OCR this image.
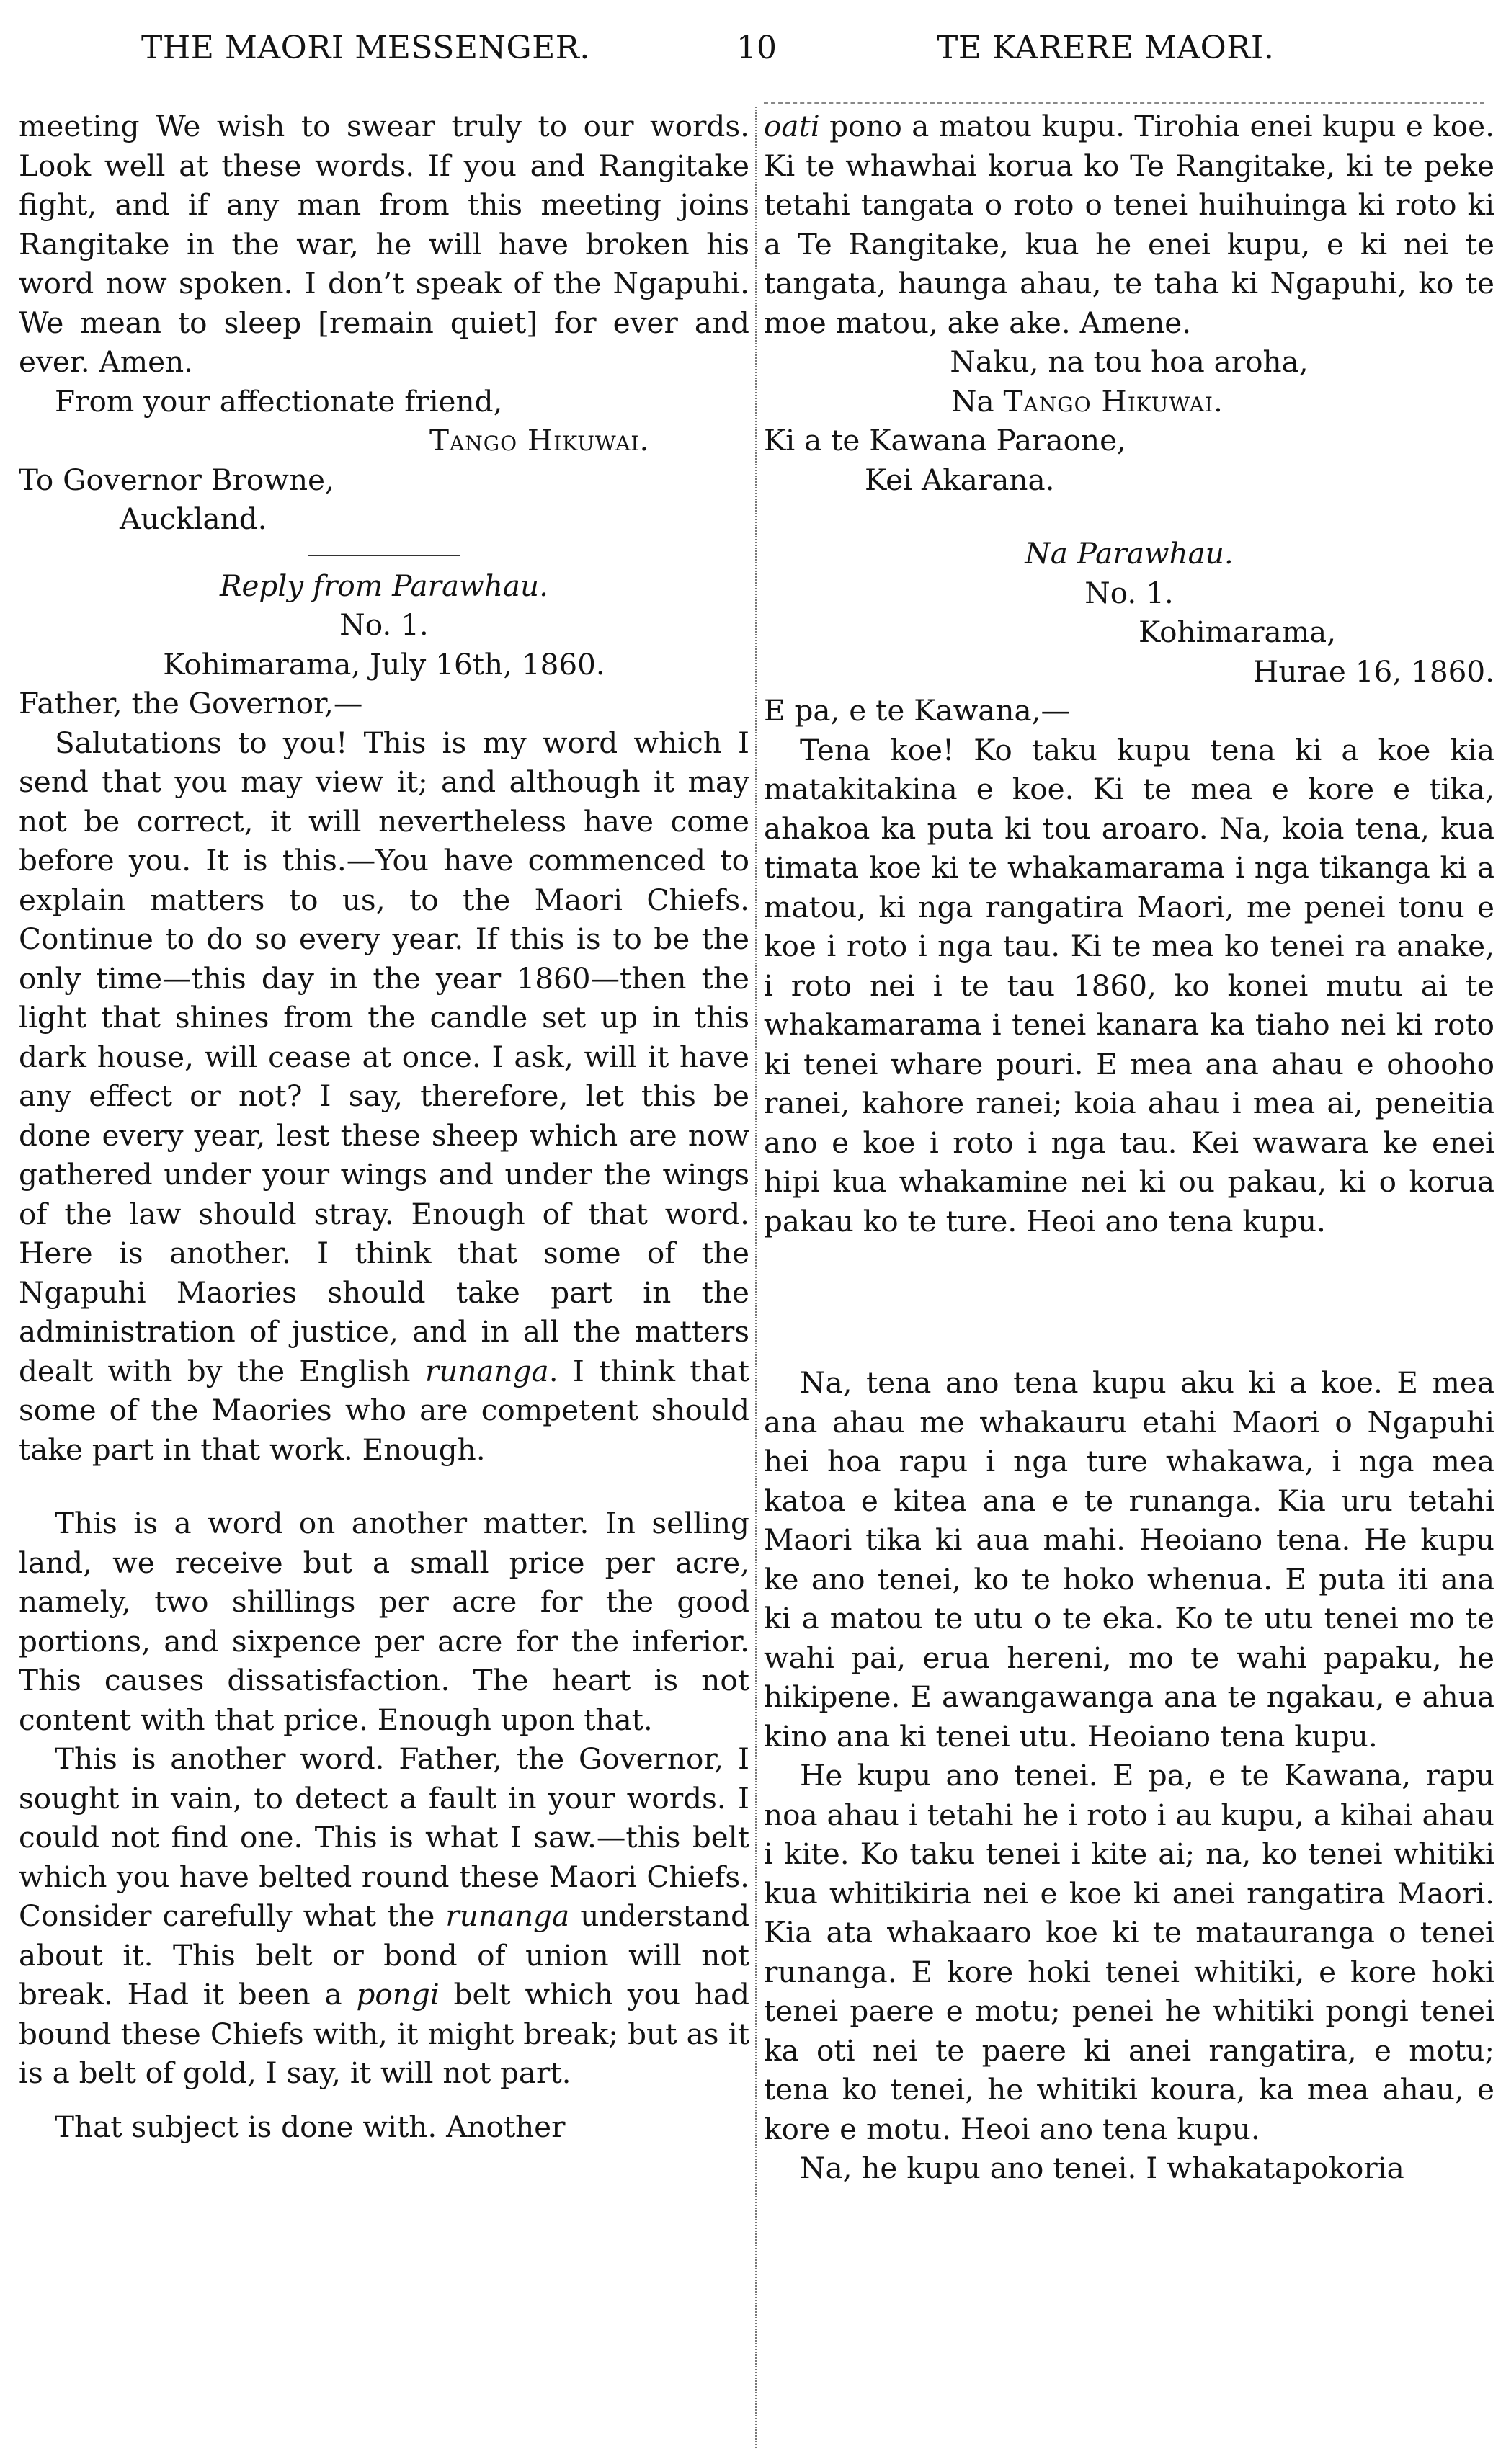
THE MAORI MESSENGER.	10	TE KARERE MAORI.

meeting We wish to swear truly to our words. Look well at these words. If you and Rangitake fight, and if any man from this meeting joins Rangitake in the war, he will have broken his word now spoken. I don’t speak of the Ngapuhi. We mean to sleep [remain quiet] for ever and ever. Amen.

From your affectionate friend,

Tango Hikuwai.

To Governor Browne,

Auckland.

Reply from Parawhau.

No. 1.

Kohimarama, July 16th, 1860.

Father, the Governor,—

Salutations to you! This is my word which I send that you may view it; and although it may not be correct, it will nevertheless have come before you. It is this.—You have commenced to explain matters to us, to the Maori Chiefs. Continue to do so every year. If this is to be the only time—this day in the year 1860—then the light that shines from the candle set up in this dark house, will cease at once. I ask, will it have any effect or not? I say, therefore, let this be done every year, lest these sheep which are now gathered under your wings and under the wings of the law should stray. Enough of that word. Here is another. I think that some of the Ngapuhi Maories should take part in the administration of justice, and in all the matters dealt with by the English runanga. I think that some of the Maories who are competent should take part in that work. Enough.

This is a word on another matter. In selling land, we receive but a small price per acre, namely, two shillings per acre for the good portions, and sixpence per acre for the inferior. This causes dissatisfaction. The heart is not content with that price. Enough upon that.

This is another word. Father, the Governor, I sought in vain, to detect a fault in your words. I could not find one. This is what I saw.—this belt which you have belted round these Maori Chiefs. Consider carefully what the runanga understand about it. This belt or bond of union will not break. Had it been a pongi belt which you had bound these Chiefs with, it might break; but as it is a belt of gold, I say, it will not part.

That subject is done with. Another

oati pono a matou kupu. Tirohia enei kupu e koe. Ki te whawhai korua ko Te Rangitake, ki te peke tetahi tangata o roto o tenei huihuinga ki roto ki a Te Rangitake, kua he enei kupu, e ki nei te tangata, haunga ahau, te taha ki Ngapuhi, ko te moe matou, ake ake. Amene.

Naku, na tou hoa aroha,

Na Tango Hikuwai.

Ki a te Kawana Paraone,

Kei Akarana.

Na Parawhau.

No. 1.

Kohimarama,

Hurae 16, 1860.

E pa, e te Kawana,—

Tena koe! Ko taku kupu tena ki a koe kia matakitakina e koe. Ki te mea e kore e tika, ahakoa ka puta ki tou aroaro. Na, koia tena, kua timata koe ki te whakamarama i nga tikanga ki a matou, ki nga rangatira Maori, me penei tonu e koe i roto i nga tau. Ki te mea ko tenei ra anake, i roto nei i te tau 1860, ko konei mutu ai te whakamarama i tenei kanara ka tiaho nei ki roto ki tenei whare pouri. E mea ana ahau e ohooho ranei, kahore ranei; koia ahau i mea ai, peneitia ano e koe i roto i nga tau. Kei wawara ke enei hipi kua whakamine nei ki ou pakau, ki o korua pakau ko te ture. Heoi ano tena kupu.

Na, tena ano tena kupu aku ki a koe. E mea ana ahau me whakauru etahi Maori o Ngapuhi hei hoa rapu i nga ture whakawa, i nga mea katoa e kitea ana e te runanga. Kia uru tetahi Maori tika ki aua mahi. Heoiano tena. He kupu ke ano tenei, ko te hoko whenua. E puta iti ana ki a matou te utu o te eka. Ko te utu tenei mo te wahi pai, erua hereni, mo te wahi papaku, he hikipene. E awangawanga ana te ngakau, e ahua kino ana ki tenei utu. Heoiano tena kupu.

He kupu ano tenei. E pa, e te Kawana, rapu noa ahau i tetahi he i roto i au kupu, a kihai ahau i kite. Ko taku tenei i kite ai; na, ko tenei whitiki kua whitikiria nei e koe ki anei rangatira Maori. Kia ata whakaaro koe ki te matauranga o tenei runanga. E kore hoki tenei whitiki, e kore hoki tenei paere e motu; penei he whitiki pongi tenei ka oti nei te paere ki anei rangatira, e motu; tena ko tenei, he whitiki koura, ka mea ahau, e kore e motu. Heoi ano tena kupu.

Na, he kupu ano tenei. I whakatapokoria
